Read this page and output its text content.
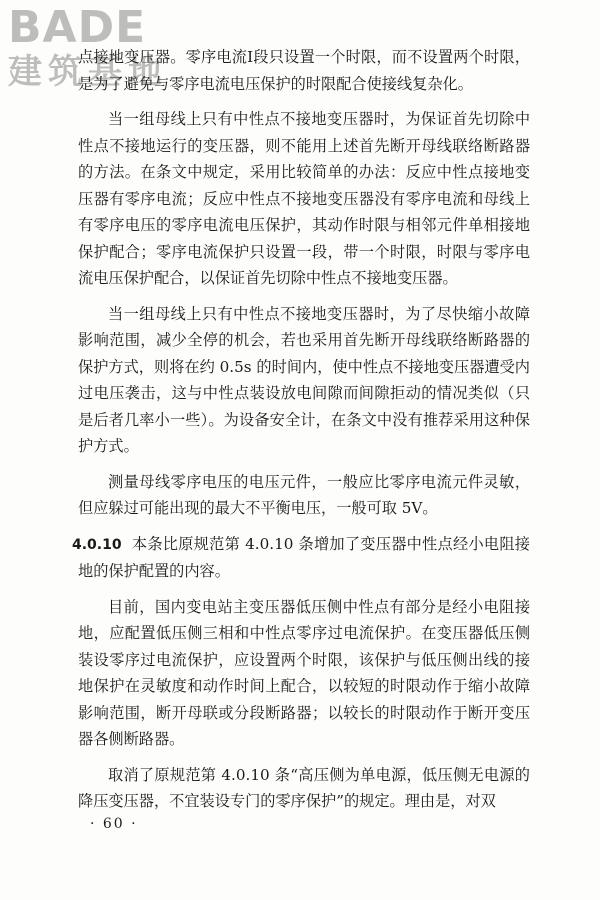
BADE
建筑基地

点接地变压器。零序电流Ⅰ段只设置一个时限，而不设置两个时限，是为了避免与零序电流电压保护的时限配合使接线复杂化。

当一组母线上只有中性点不接地变压器时，为保证首先切除中性点不接地运行的变压器，则不能用上述首先断开母线联络断路器的方法。在条文中规定，采用比较简单的办法：反应中性点接地变压器有零序电流；反应中性点不接地变压器没有零序电流和母线上有零序电压的零序电流电压保护，其动作时限与相邻元件单相接地保护配合；零序电流保护只设置一段，带一个时限，时限与零序电流电压保护配合，以保证首先切除中性点不接地变压器。

当一组母线上只有中性点不接地变压器时，为了尽快缩小故障影响范围，减少全停的机会，若也采用首先断开母线联络断路器的保护方式，则将在约 0.5s 的时间内，使中性点不接地变压器遭受内过电压袭击，这与中性点装设放电间隙而间隙拒动的情况类似（只是后者几率小一些）。为设备安全计，在条文中没有推荐采用这种保护方式。

测量母线零序电压的电压元件，一般应比零序电流元件灵敏，但应躲过可能出现的最大不平衡电压，一般可取 5V。

4.0.10 本条比原规范第 4.0.10 条增加了变压器中性点经小电阻接地的保护配置的内容。

目前，国内变电站主变压器低压侧中性点有部分是经小电阻接地，应配置低压侧三相和中性点零序过电流保护。在变压器低压侧装设零序过电流保护，应设置两个时限，该保护与低压侧出线的接地保护在灵敏度和动作时间上配合，以较短的时限动作于缩小故障影响范围，断开母联或分段断路器；以较长的时限动作于断开变压器各侧断路器。

取消了原规范第 4.0.10 条“高压侧为单电源，低压侧无电源的降压变压器，不宜装设专门的零序保护”的规定。理由是，对双

· 60 ·
